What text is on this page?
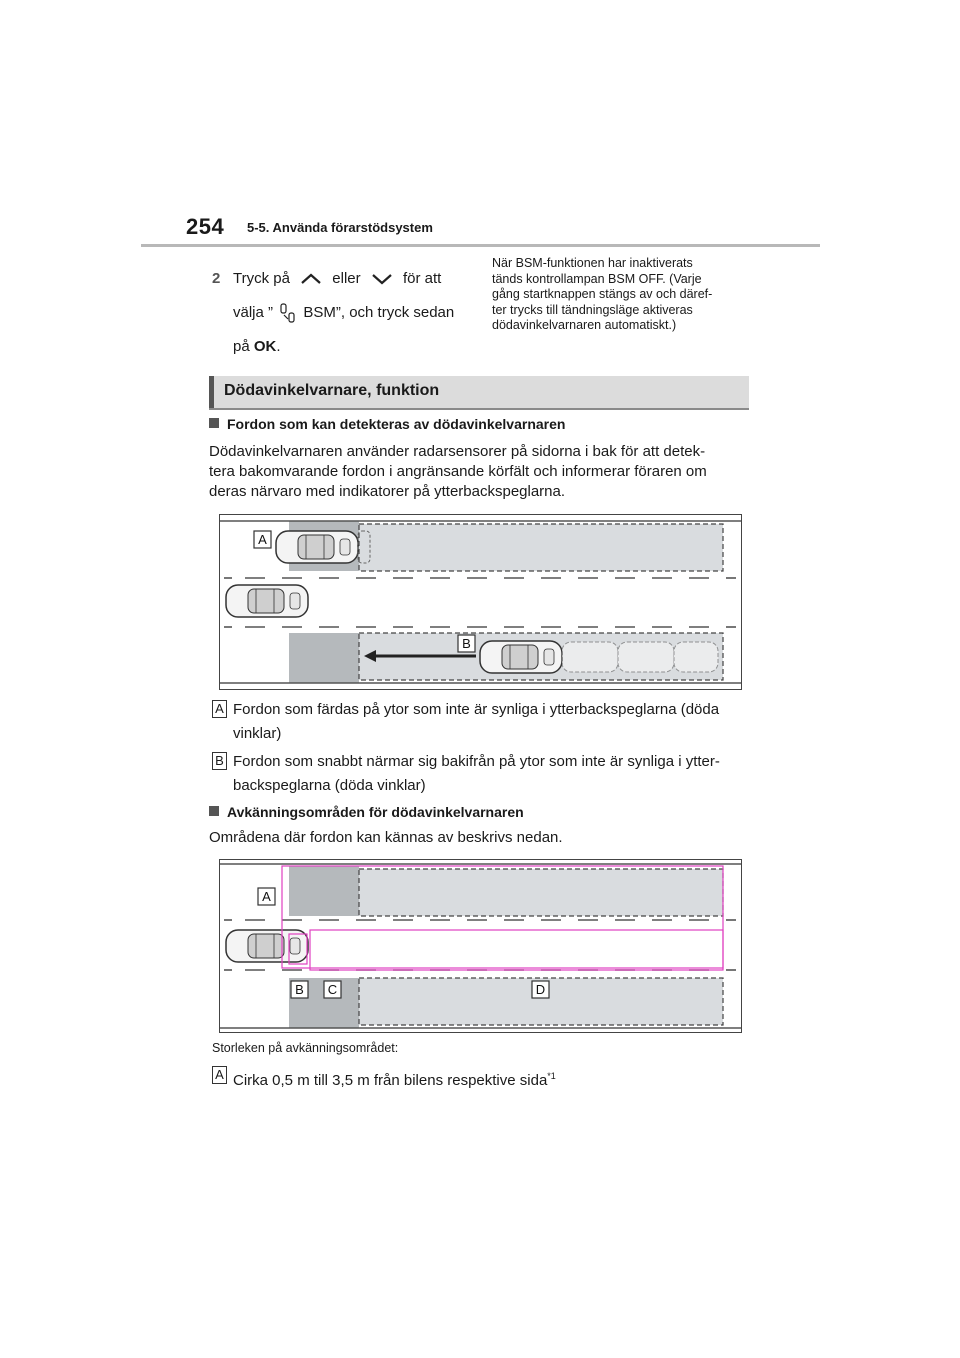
254 5-5. Använda förarstödsystem
2 Tryck på	eller	för att
välja ” BSM”, och tryck sedan
på OK.
När BSM-funktionen har inaktiverats
tänds kontrollampan BSM OFF. (Varje
gång startknappen stängs av och däref-
ter trycks till tändningsläge aktiveras
dödavinkelvarnaren automatiskt.)
Dödavinkelvarnare, funktion
Fordon som kan detekteras av dödavinkelvarnaren
Dödavinkelvarnaren använder radarsensorer på sidorna i bak för att detek-
tera bakomvarande fordon i angränsande körfält och informerar föraren om
deras närvaro med indikatorer på ytterbackspeglarna.
A
B
A Fordon som färdas på ytor som inte är synliga i ytterbackspeglarna (döda
vinklar)
B Fordon som snabbt närmar sig bakifrån på ytor som inte är synliga i ytter-
backspeglarna (döda vinklar)
Avkänningsområden för dödavinkelvarnaren
Områdena där fordon kan kännas av beskrivs nedan.
A
B C	D
Storleken på avkänningsområdet:
A Cirka 0,5 m till 3,5 m från bilens respektive sida$^{*1}$
